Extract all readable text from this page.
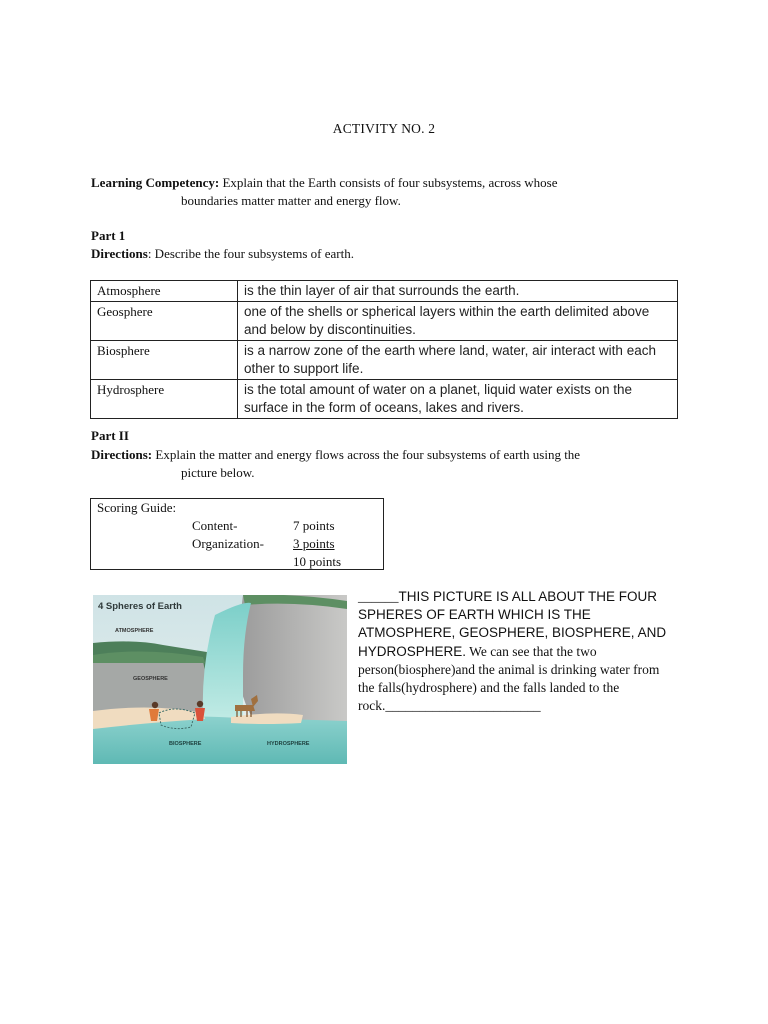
ACTIVITY NO. 2
Learning Competency: Explain that the Earth consists of four subsystems, across whose
boundaries matter matter and energy flow.
Part 1
Directions: Describe the four subsystems of earth.
Atmosphere	is the thin layer of air that surrounds the earth.
Geosphere	one of the shells or spherical layers within the earth delimited above and below by discontinuities.
Biosphere	is a narrow zone of the earth where land, water, air interact with each other to support life.
Hydrosphere	is the total amount of water on a planet, liquid water exists on the surface in the form of oceans, lakes and rivers.
Part II
Directions: Explain the matter and energy flows across the four subsystems of earth using the
picture below.
Scoring Guide:
Content-	7 points
Organization- 3 points
10 points
4 Spheres of Earth
ATMOSPHERE
GEOSPHERE
BIOSPHERE	HYDROSPHERE
______THIS PICTURE IS ALL ABOUT THE FOUR SPHERES OF EARTH WHICH IS THE ATMOSPHERE, GEOSPHERE, BIOSPHERE, AND HYDROSPHERE. We can see that the two person(biosphere)and the animal is drinking water from the falls(hydrosphere) and the falls landed to the rock._______________________
